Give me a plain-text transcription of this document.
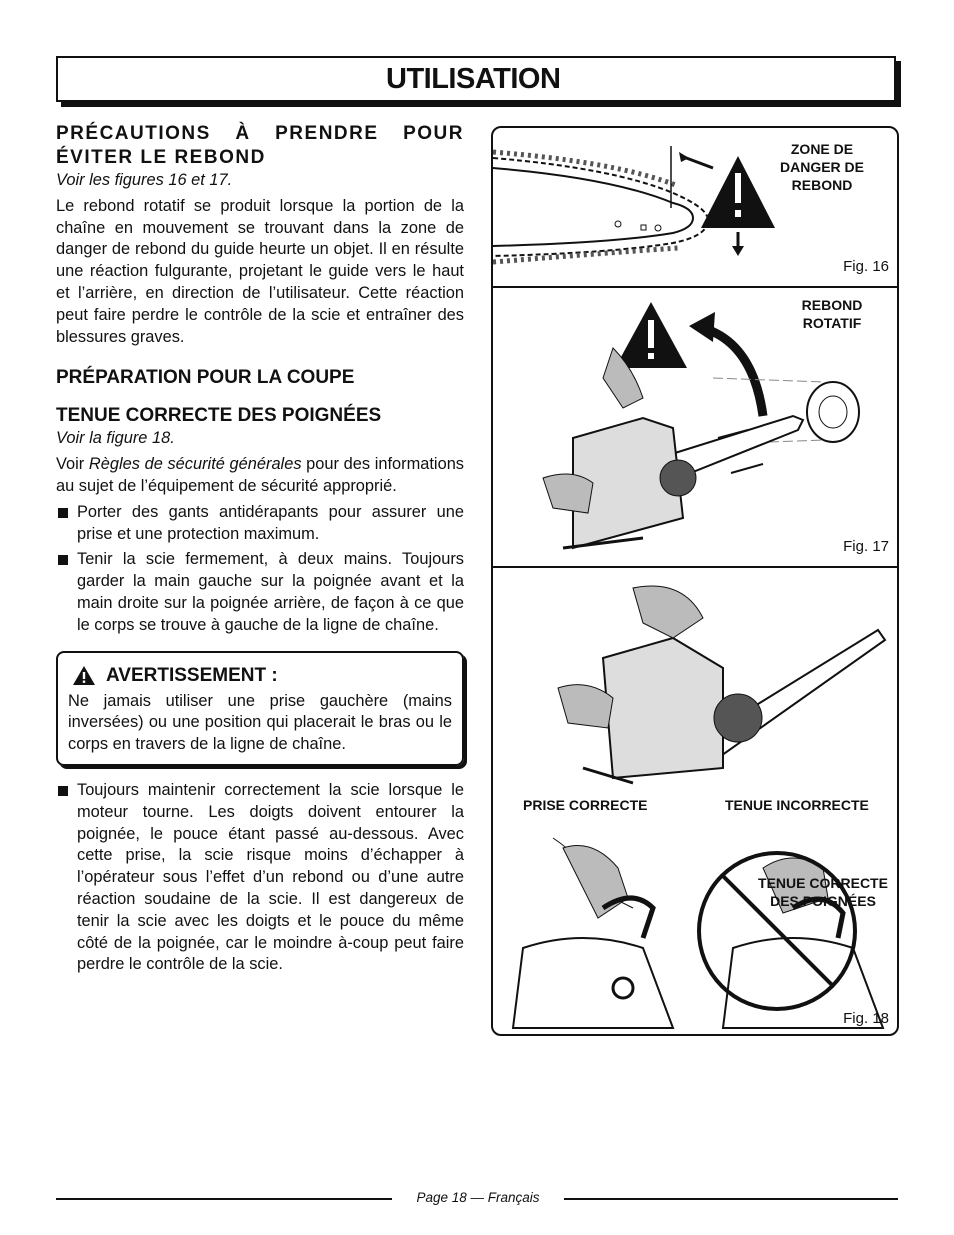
UTILISATION
PRÉCAUTIONS À PRENDRE POUR ÉVITER LE REBOND
Voir les figures 16 et 17.

Le rebond rotatif se produit lorsque la portion de la chaîne en mouvement se trouvant dans la zone de danger de rebond du guide heurte un objet. Il en résulte une réaction fulgurante, projetant le guide vers le haut et l’arrière, en direction de l’utilisateur. Cette réaction peut faire perdre le contrôle de la scie et entraîner des blessures graves.

PRÉPARATION POUR LA COUPE
TENUE CORRECTE DES POIGNÉES
Voir la figure 18.

Voir Règles de sécurité générales pour des informations au sujet de l’équipement de sécurité approprié.

Porter des gants antidérapants pour assurer une prise et une protection maximum.
Tenir la scie fermement, à deux mains. Toujours garder la main gauche sur la poignée avant et la main droite sur la poignée arrière, de façon à ce que le corps se trouve à gauche de la ligne de chaîne.
AVERTISSEMENT :

Ne jamais utiliser une prise gauchère (mains inversées) ou une position qui placerait le bras ou le corps en travers de la ligne de chaîne.

Toujours maintenir correctement la scie lorsque le moteur tourne. Les doigts doivent entourer la poignée, le pouce étant passé au-dessous. Avec cette prise, la scie risque moins d’échapper à l’opérateur sous l’effet d’un rebond ou d’une autre réaction soudaine de la scie. Il est dangereux de tenir la scie avec les doigts et le pouce du même côté de la poignée, car le moindre à-coup peut faire perdre le contrôle de la scie.
ZONE DE DANGER DE REBOND
Fig. 16
REBOND ROTATIF
Fig. 17
TENUE CORRECTE DES POIGNÉES
PRISE CORRECTE	TENUE INCORRECTE
Fig. 18
Page 18 — Français
